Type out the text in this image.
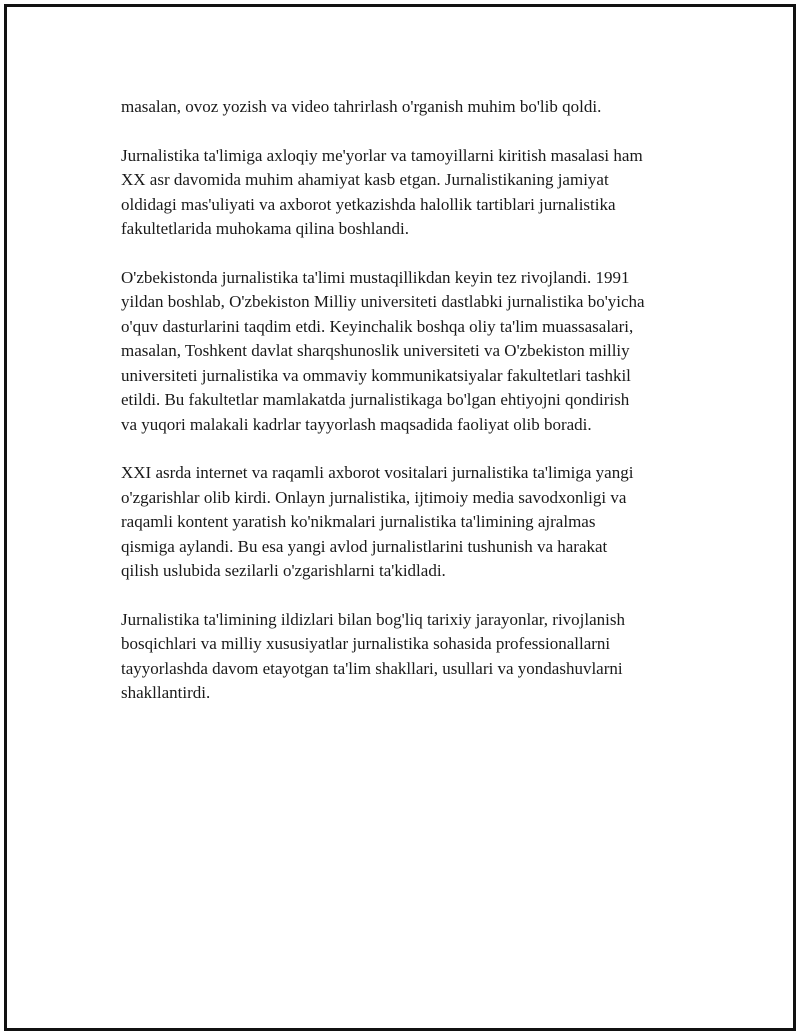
masalan, ovoz yozish va video tahrirlash o'rganish muhim bo'lib qoldi.

Jurnalistika ta'limiga axloqiy me'yorlar va tamoyillarni kiritish masalasi ham
XX asr davomida muhim ahamiyat kasb etgan. Jurnalistikaning jamiyat
oldidagi mas'uliyati va axborot yetkazishda halollik tartiblari jurnalistika
fakultetlarida muhokama qilina boshlandi.

O'zbekistonda jurnalistika ta'limi mustaqillikdan keyin tez rivojlandi. 1991
yildan boshlab, O'zbekiston Milliy universiteti dastlabki jurnalistika bo'yicha
o'quv dasturlarini taqdim etdi. Keyinchalik boshqa oliy ta'lim muassasalari,
masalan, Toshkent davlat sharqshunoslik universiteti va O'zbekiston milliy
universiteti jurnalistika va ommaviy kommunikatsiyalar fakultetlari tashkil
etildi. Bu fakultetlar mamlakatda jurnalistikaga bo'lgan ehtiyojni qondirish
va yuqori malakali kadrlar tayyorlash maqsadida faoliyat olib boradi.

XXI asrda internet va raqamli axborot vositalari jurnalistika ta'limiga yangi
o'zgarishlar olib kirdi. Onlayn jurnalistika, ijtimoiy media savodxonligi va
raqamli kontent yaratish ko'nikmalari jurnalistika ta'limining ajralmas
qismiga aylandi. Bu esa yangi avlod jurnalistlarini tushunish va harakat
qilish uslubida sezilarli o'zgarishlarni ta'kidladi.

Jurnalistika ta'limining ildizlari bilan bog'liq tarixiy jarayonlar, rivojlanish
bosqichlari va milliy xususiyatlar jurnalistika sohasida professionallarni
tayyorlashda davom etayotgan ta'lim shakllari, usullari va yondashuvlarni
shakllantirdi.
